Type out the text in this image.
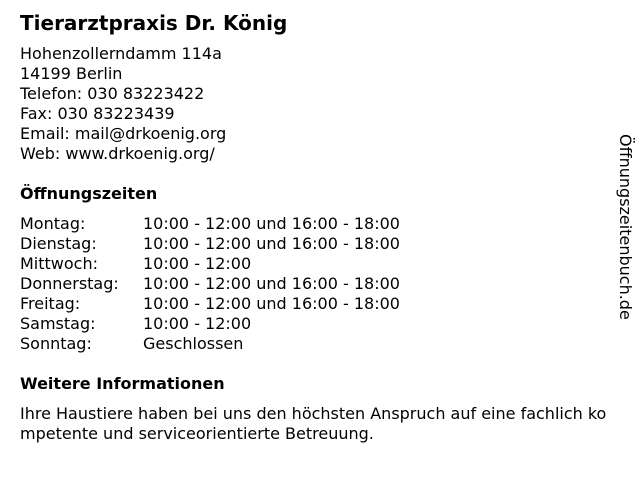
Tierarztpraxis Dr. König
Hohenzollerndamm 114a
14199 Berlin
Telefon: 030 83223422
Fax: 030 83223439
Email: mail@drkoenig.org
Web: www.drkoenig.org/
Öffnungszeiten
Montag:	10:00 - 12:00 und 16:00 - 18:00
Dienstag:	10:00 - 12:00 und 16:00 - 18:00
Mittwoch:	10:00 - 12:00
Donnerstag: 10:00 - 12:00 und 16:00 - 18:00
Freitag:	10:00 - 12:00 und 16:00 - 18:00
Samstag:	10:00 - 12:00
Sonntag:	Geschlossen
Weitere Informationen

Ihre Haustiere haben bei uns den höchsten Anspruch auf eine fachlich kompetente und serviceorientierte Betreuung.

Öffnungszeitenbuch.de
